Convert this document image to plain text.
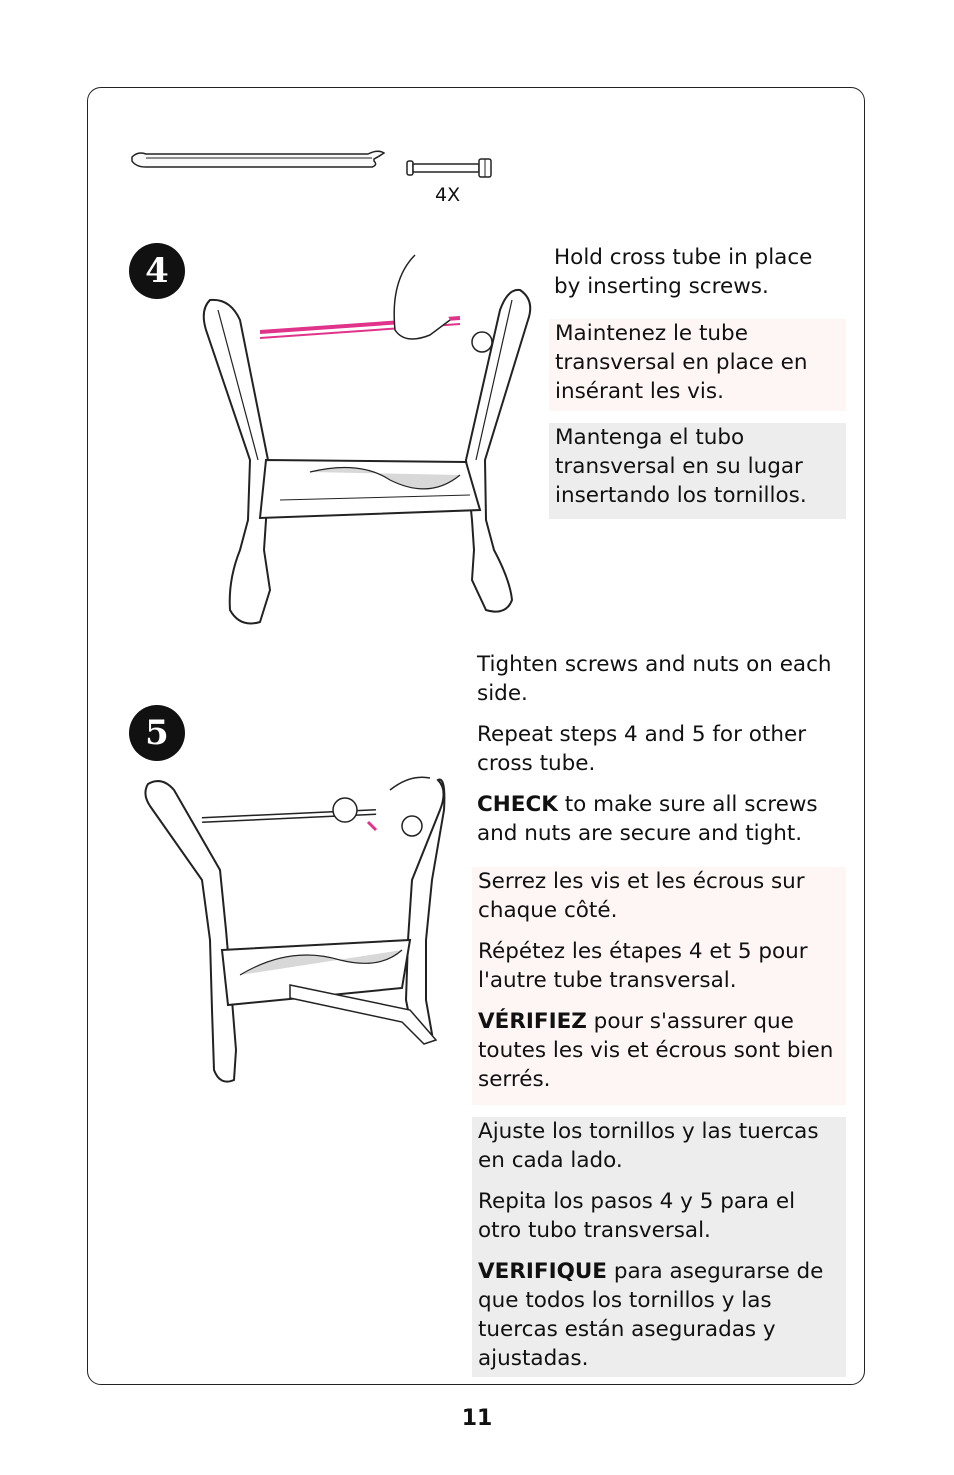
4X
4	Hold cross tube in place by inserting screws.

Maintenez le tube transversal en place en insérant les vis.

Mantenga el tubo transversal en su lugar insertando los tornillos.

5

Tighten screws and nuts on each side.

Repeat steps 4 and 5 for other cross tube.

CHECK to make sure all screws and nuts are secure and tight.

Serrez les vis et les écrous sur chaque côté.

Répétez les étapes 4 et 5 pour l'autre tube transversal.

VÉRIFIEZ pour s'assurer que toutes les vis et écrous sont bien serrés.

Ajuste los tornillos y las tuercas en cada lado.

Repita los pasos 4 y 5 para el otro tubo transversal.

VERIFIQUE para asegurarse de que todos los tornillos y las tuercas están aseguradas y ajustadas.

11
